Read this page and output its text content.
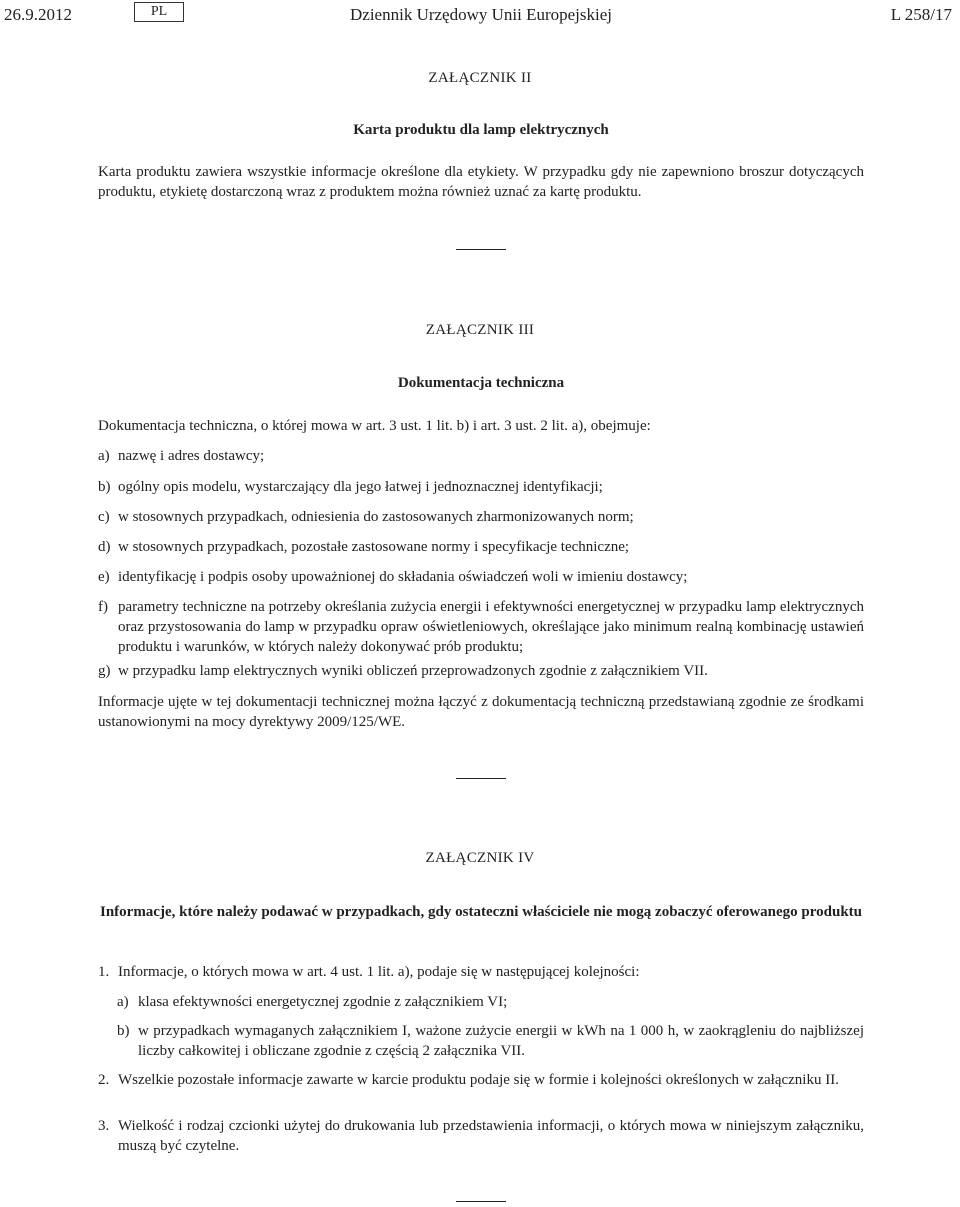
26.9.2012	PL	Dziennik Urzędowy Unii Europejskiej	L 258/17
ZAŁĄCZNIK II
Karta produktu dla lamp elektrycznych
Karta produktu zawiera wszystkie informacje określone dla etykiety. W przypadku gdy nie zapewniono broszur dotyczących produktu, etykietę dostarczoną wraz z produktem można również uznać za kartę produktu.
ZAŁĄCZNIK III
Dokumentacja techniczna
Dokumentacja techniczna, o której mowa w art. 3 ust. 1 lit. b) i art. 3 ust. 2 lit. a), obejmuje:
a) nazwę i adres dostawcy;
b) ogólny opis modelu, wystarczający dla jego łatwej i jednoznacznej identyfikacji;
c) w stosownych przypadkach, odniesienia do zastosowanych zharmonizowanych norm;
d) w stosownych przypadkach, pozostałe zastosowane normy i specyfikacje techniczne;
e) identyfikację i podpis osoby upoważnionej do składania oświadczeń woli w imieniu dostawcy;
f) parametry techniczne na potrzeby określania zużycia energii i efektywności energetycznej w przypadku lamp elektrycznych oraz przystosowania do lamp w przypadku opraw oświetleniowych, określające jako minimum realną kombinację ustawień produktu i warunków, w których należy dokonywać prób produktu;
g) w przypadku lamp elektrycznych wyniki obliczeń przeprowadzonych zgodnie z załącznikiem VII.
Informacje ujęte w tej dokumentacji technicznej można łączyć z dokumentacją techniczną przedstawianą zgodnie ze środkami ustanowionymi na mocy dyrektywy 2009/125/WE.
ZAŁĄCZNIK IV
Informacje, które należy podawać w przypadkach, gdy ostateczni właściciele nie mogą zobaczyć oferowanego produktu
1. Informacje, o których mowa w art. 4 ust. 1 lit. a), podaje się w następującej kolejności:
a) klasa efektywności energetycznej zgodnie z załącznikiem VI;
b) w przypadkach wymaganych załącznikiem I, ważone zużycie energii w kWh na 1 000 h, w zaokrągleniu do najbliższej liczby całkowitej i obliczane zgodnie z częścią 2 załącznika VII.
2. Wszelkie pozostałe informacje zawarte w karcie produktu podaje się w formie i kolejności określonych w załączniku II.
3. Wielkość i rodzaj czcionki użytej do drukowania lub przedstawienia informacji, o których mowa w niniejszym załączniku, muszą być czytelne.
